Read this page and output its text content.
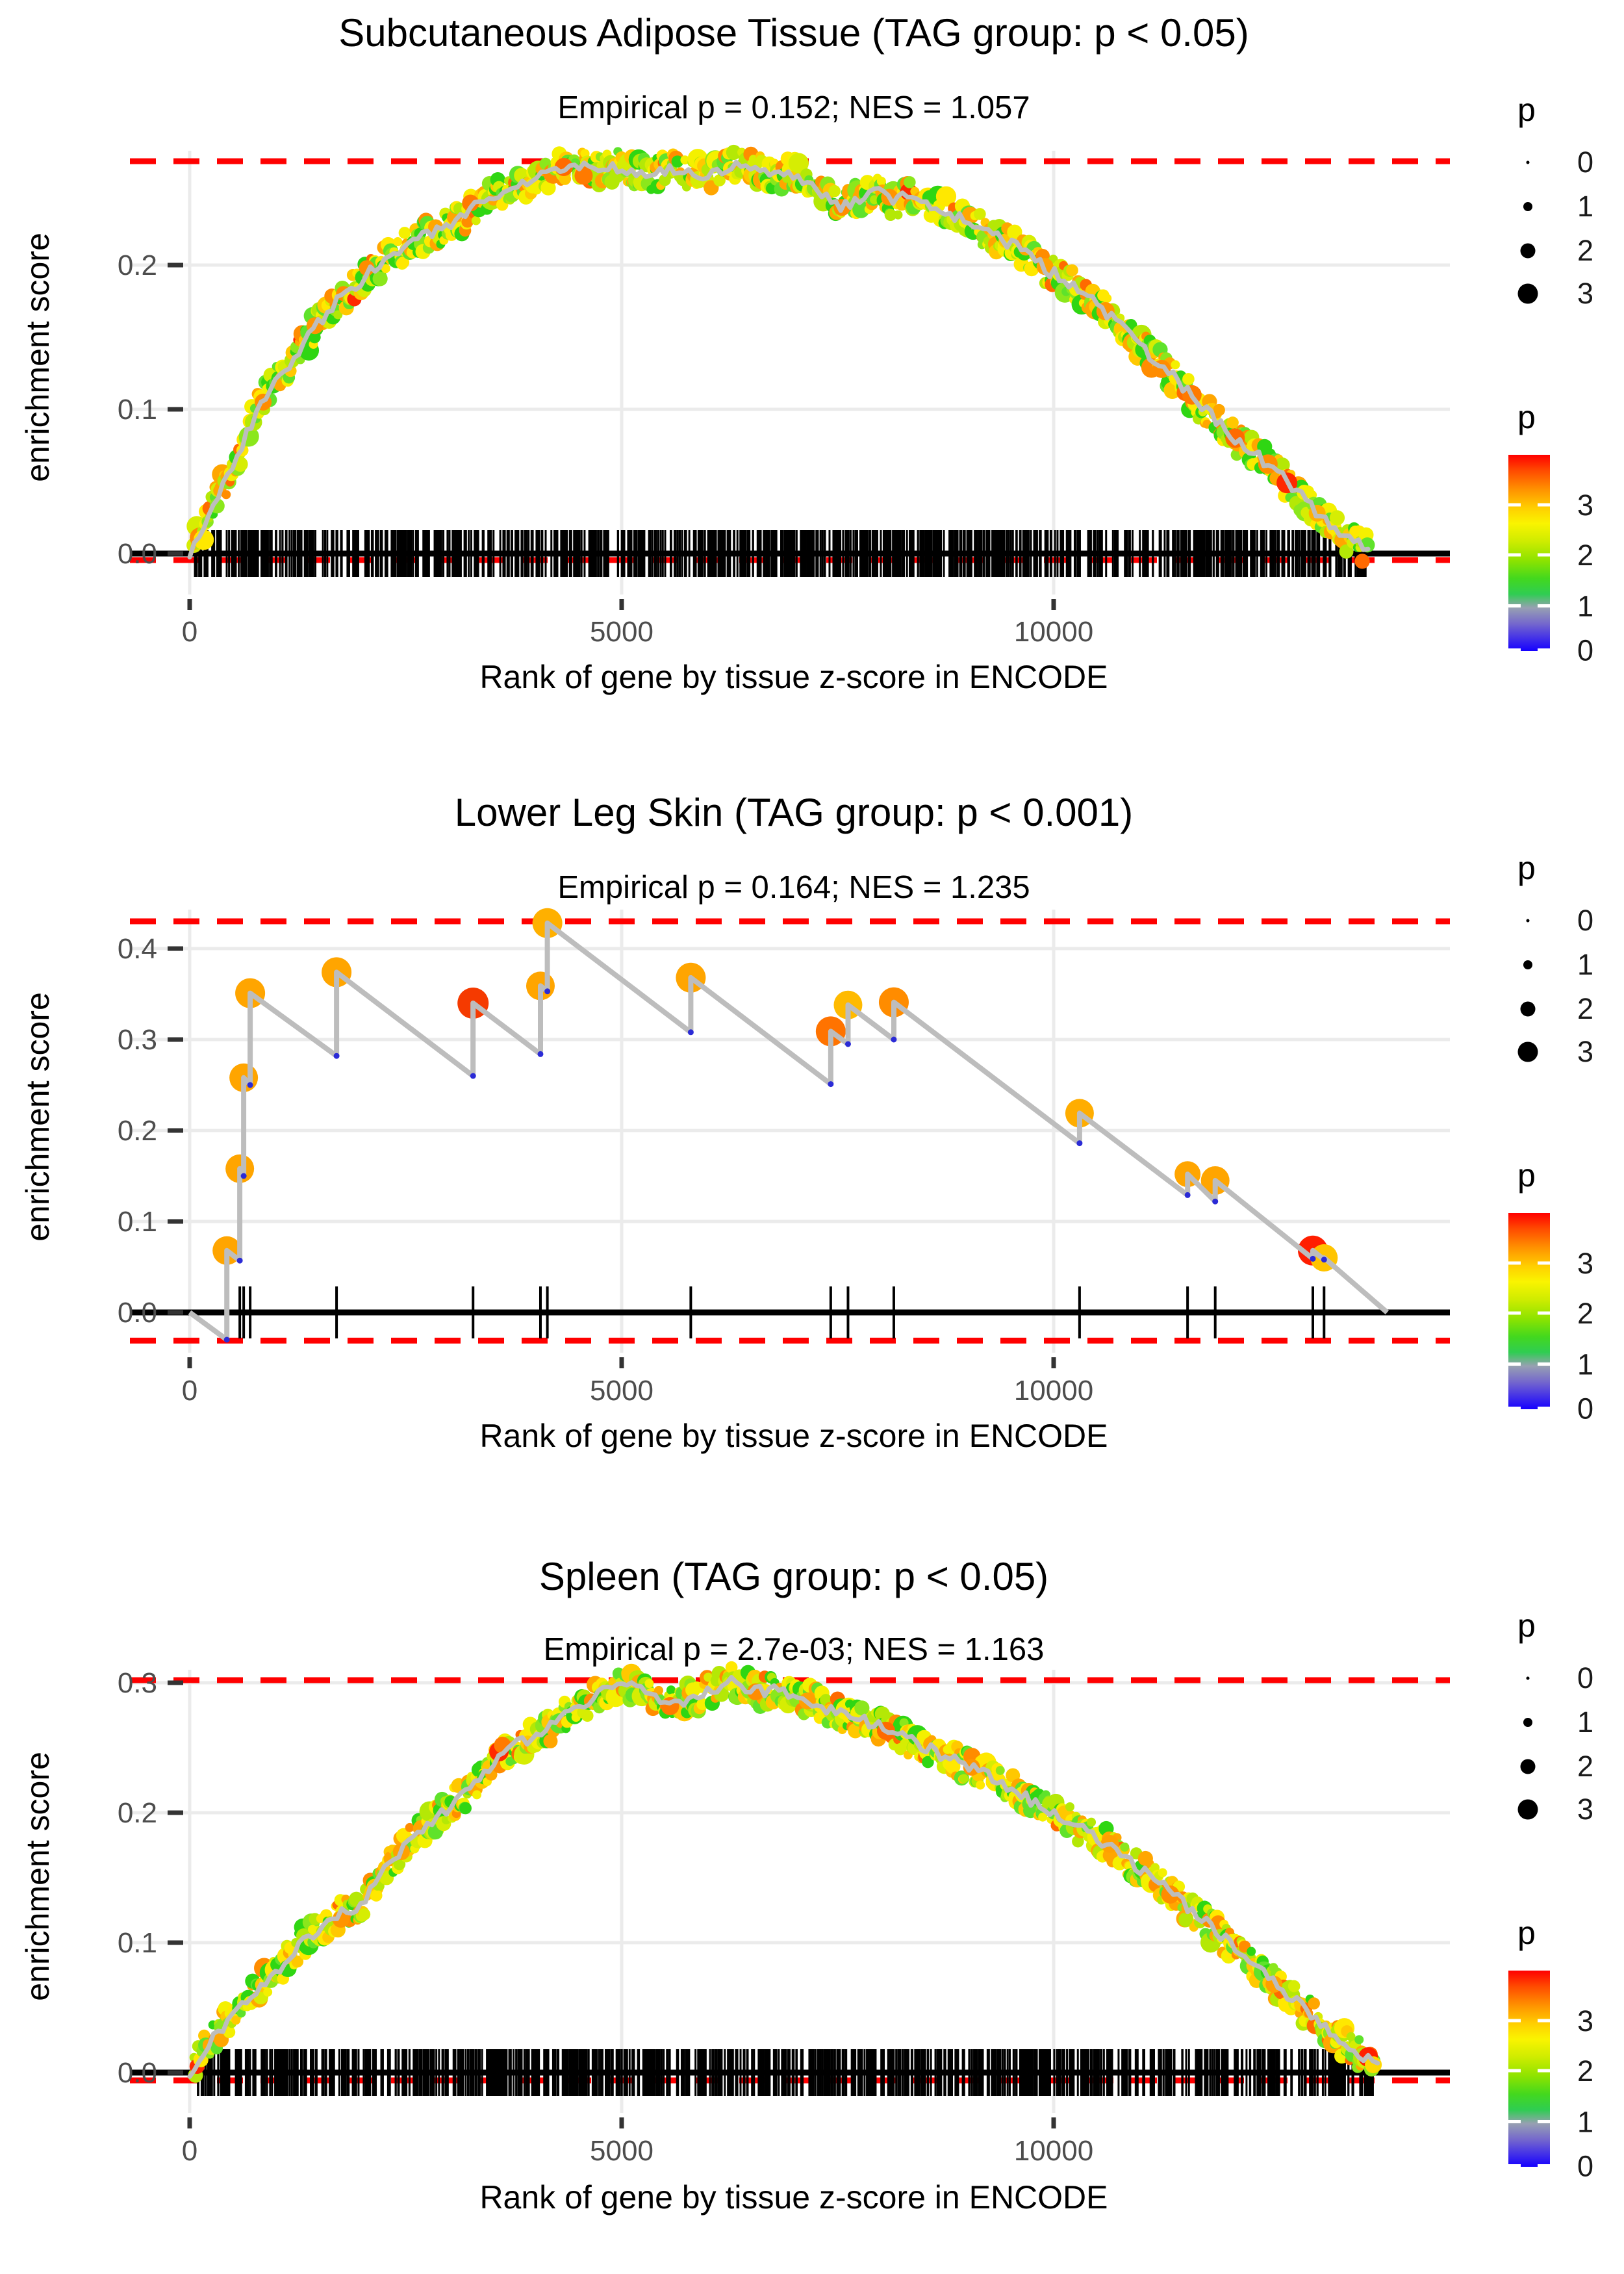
0	5000	10000
0.0
0.1
0.2
0
1
2
3
3
2
1
0
0	5000	10000
0.0
0.1
0.2
0.3
0.4
0
1
2
3
3
2
1
0
0	5000	10000
0.0
0.1
0.2
0.3	0
1
2
3
3
2
1
0
Subcutaneous Adipose Tissue (TAG group: p < 0.05)
Empirical p = 0.152; NES = 1.057
enrichment score
Rank of gene by tissue z-score in ENCODE
p
p
Lower Leg Skin (TAG group: p < 0.001)
Empirical p = 0.164; NES = 1.235
enrichment score
Rank of gene by tissue z-score in ENCODE
p
p
Spleen (TAG group: p < 0.05)
Empirical p = 2.7e-03; NES = 1.163
enrichment score
Rank of gene by tissue z-score in ENCODE
p
p
